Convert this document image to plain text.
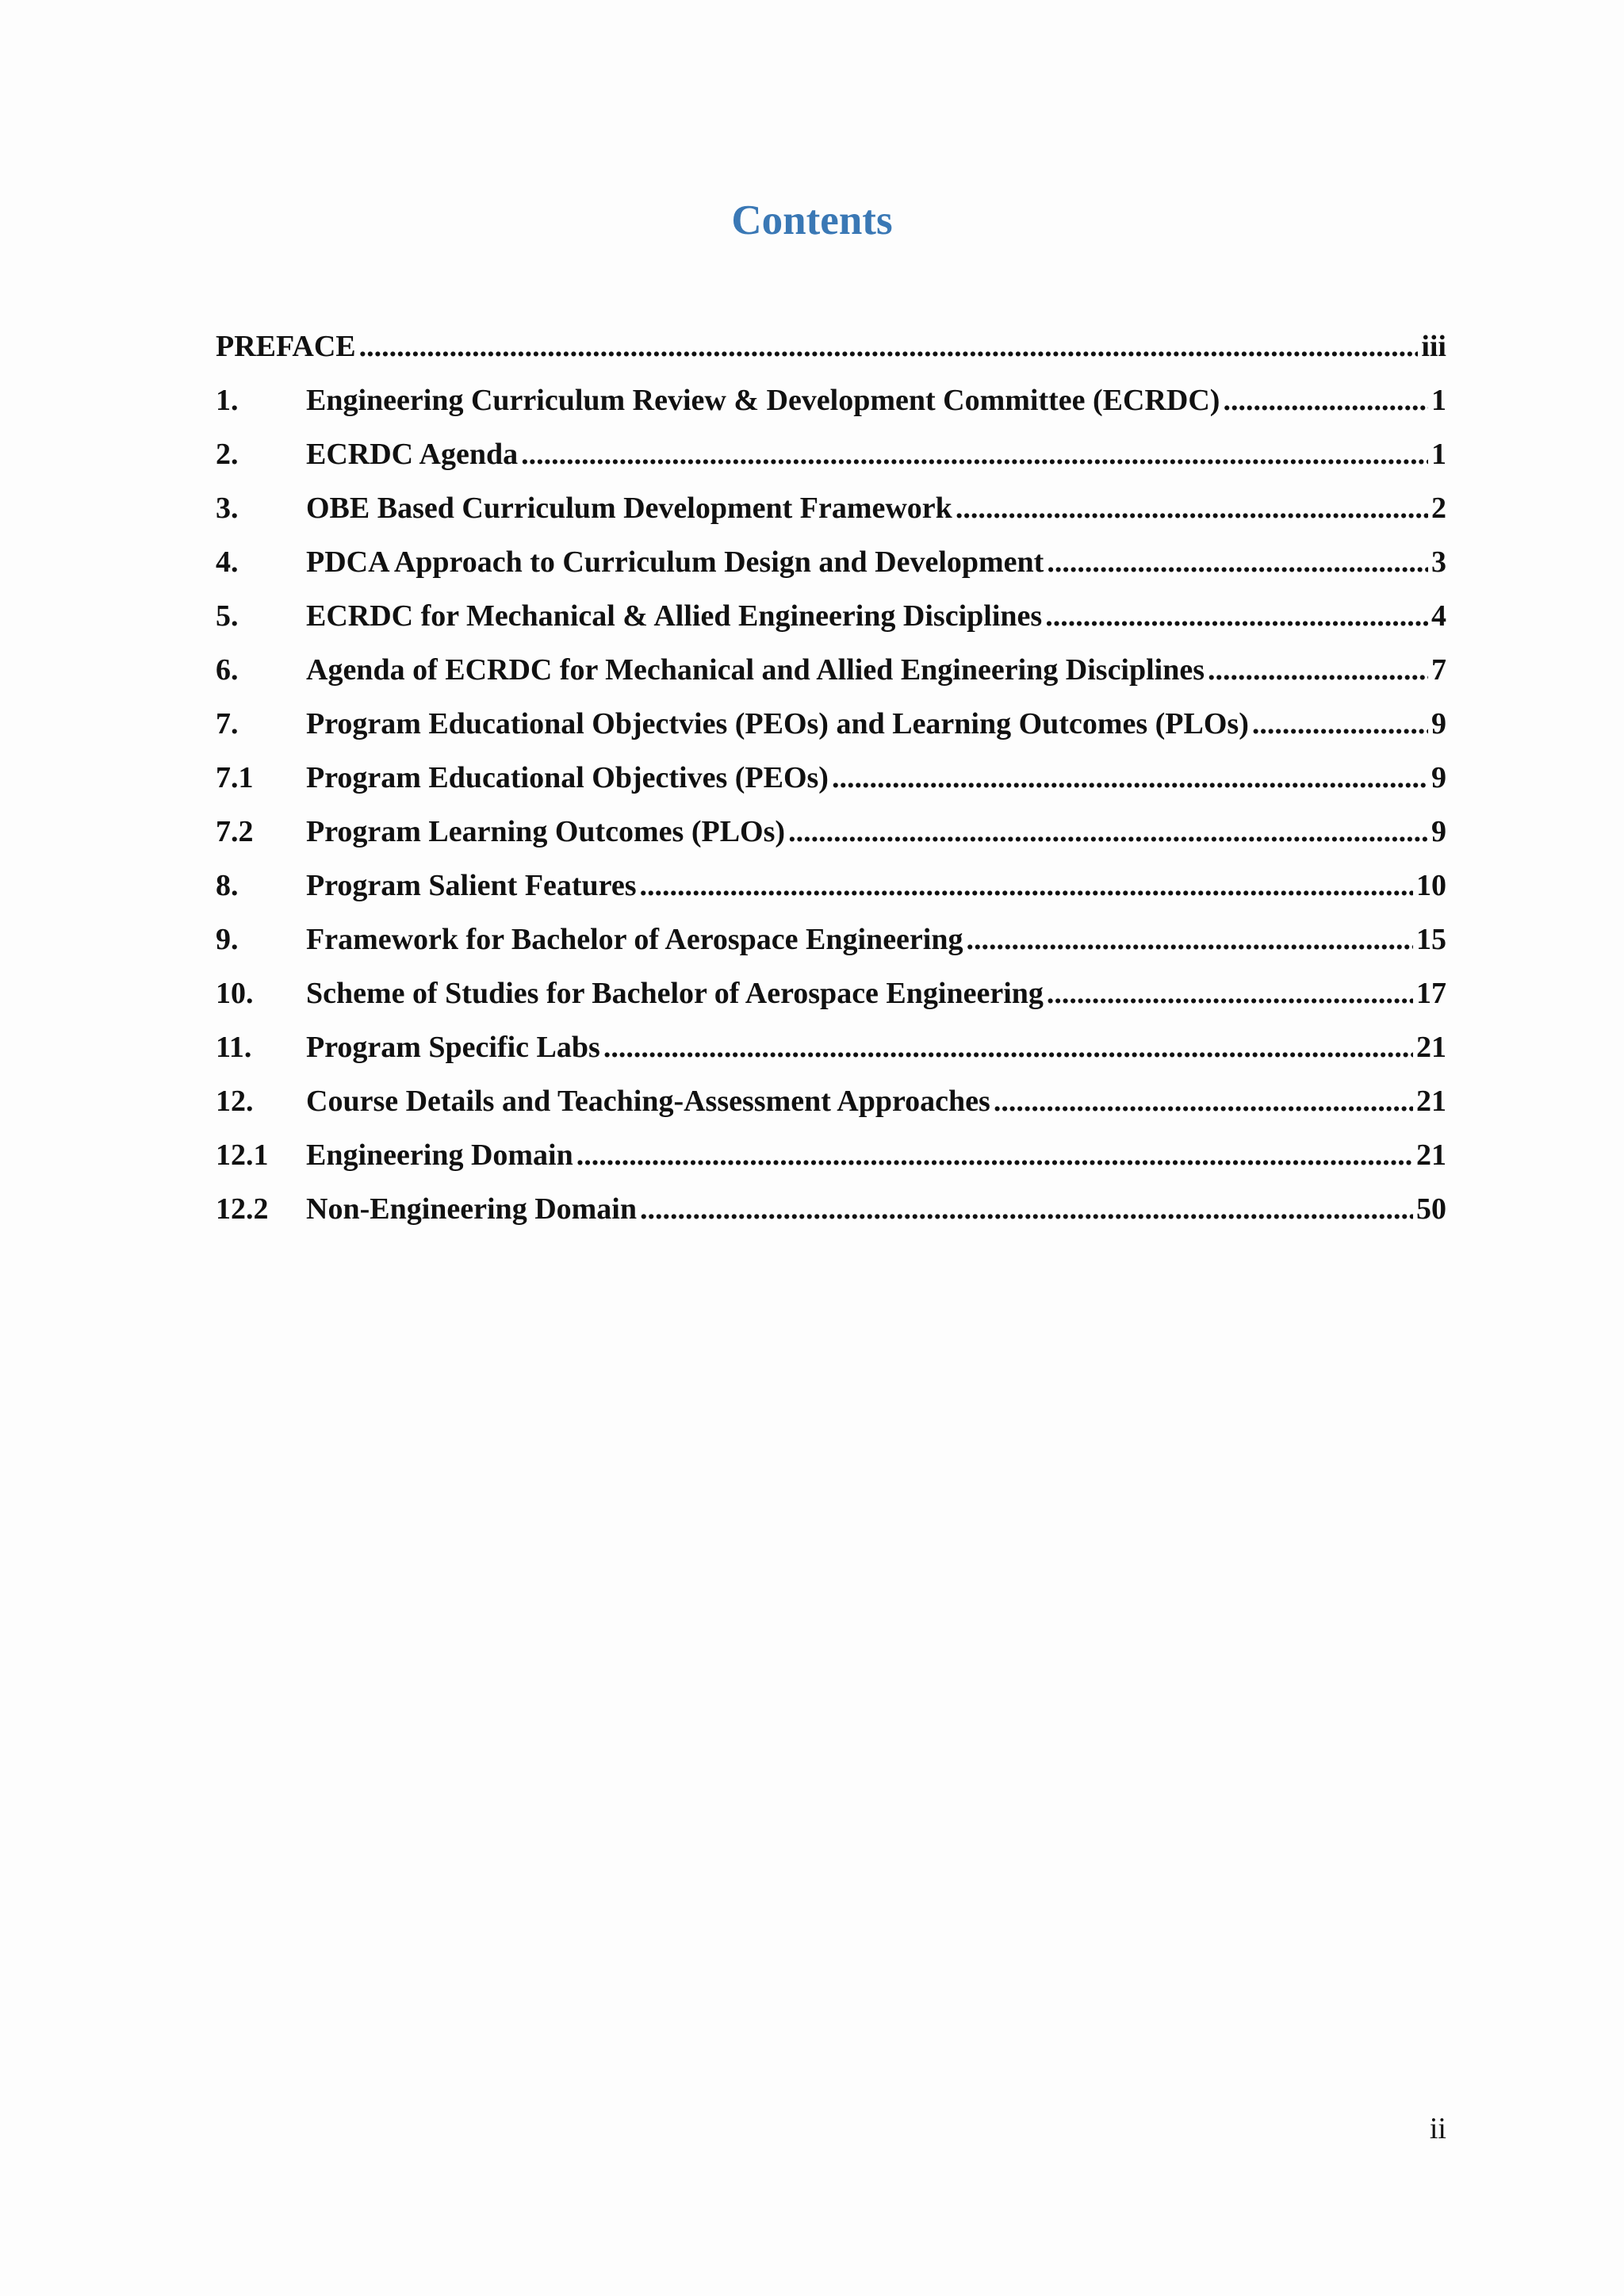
Contents
PREFACE .....	iii
1.	Engineering Curriculum Review & Development Committee (ECRDC) .....	1
2.	ECRDC Agenda .....	1
3.	OBE Based Curriculum Development Framework .....	2
4.	PDCA Approach to Curriculum Design and Development .....	3
5.	ECRDC for Mechanical & Allied Engineering Disciplines .....	4
6.	Agenda of ECRDC for Mechanical and Allied Engineering Disciplines .....	7
7.	Program Educational Objectvies (PEOs) and Learning Outcomes (PLOs) .....	9
7.1	Program Educational Objectives (PEOs) .....	9
7.2	Program Learning Outcomes (PLOs) .....	9
8.	Program Salient Features .....	10
9.	Framework for Bachelor of Aerospace Engineering .....	15
10.	Scheme of Studies for Bachelor of Aerospace Engineering .....	17
11.	Program Specific Labs .....	21
12.	Course Details and Teaching-Assessment Approaches .....	21
12.1	Engineering Domain .....	21
12.2	Non-Engineering Domain .....	50
ii
